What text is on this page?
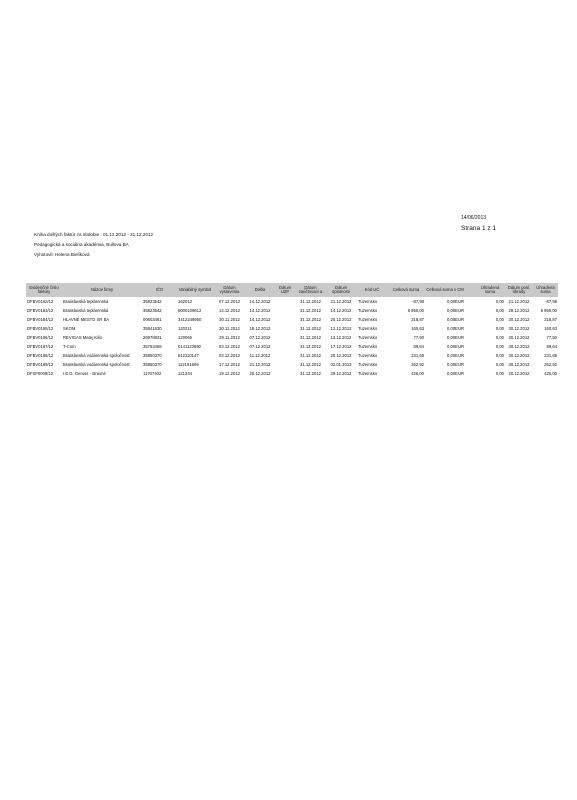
14/06/2013
Strana 1 z 1
Kniha došlých faktúr za obdobie : 01.12.2012 - 31.12.2012
Pedagogická a sociálna akadémia, Bullova BA
Vyhotovil: Helena Bielíková
Evidenčné číslo faktúry	Názov firmy	IČO	Variabilný symbol	Dátum vystavenia	Došla	Dátum UZP	Dátum zaúčtovani a	Dátum splatnosti	Kód UČ	Celková suma	Celková suma v CM		Uhradená suma	Dátum posl. úhrady	Uhradená suma
DFBV0162/12	Bratislavská teplárenská	35823542	162012	07.12.2012	14.12.2012		31.12.2012	21.12.2012	Tuzemsko	-87,98	0,00EUR		0,00	21.12.2012	-87,98
DFBV0163/12	Bratislavská teplárenská	35823542	6000109612	14.12.2012	14.12.2012		31.12.2012	14.12.2012	Tuzemsko	6 950,00	0,00EUR		0,00	28.12.2012	6 950,00
DFBV0164/12	HLAVNÉ MESTO SR BA	00603481	3412249950	30.11.2012	14.12.2012		31.12.2012	20.12.2012	Tuzemsko	218,87	0,00EUR		0,00	30.12.2012	218,87
DFBV0165/12	SKOM	35841630	120211	30.11.2012	18.12.2012		31.12.2012	12.12.2012	Tuzemsko	160,63	0,00EUR		0,00	30.12.2012	160,63
DFBV0166/12	REVIGAS Matej Kišo	26978831	120065	29.11.2012	07.12.2012		31.12.2012	13.12.2012	Tuzemsko	77,50	0,00EUR		0,00	30.12.2012	77,50
DFBV0167/12	T-Com	35763469	0141123890	03.12.2012	07.12.2012		31.12.2012	17.12.2012	Tuzemsko	89,64	0,00EUR		0,00	30.12.2012	89,64
DFBV0168/12	Bratislavská vodárenská spoločnosť	35850370	612110147	03.12.2012	11.12.2012		31.12.2012	20.12.2012	Tuzemsko	231,69	0,00EUR		0,00	30.12.2012	231,69
DFBV0169/12	Bratislavská vodárenská spoločnosť	35850370	112191669	17.12.2012	21.12.2012		31.12.2012	02.01.2013	Tuzemsko	262,92	0,00EUR		0,00	30.12.2012	262,92
DFSF0009/12	I.E.G. Geruss - stravné	11707402	121344	19.12.2012	20.12.2012		31.12.2012	29.12.2012	Tuzemsko	426,00	0,00EUR		0,00	20.12.2012	426,00
